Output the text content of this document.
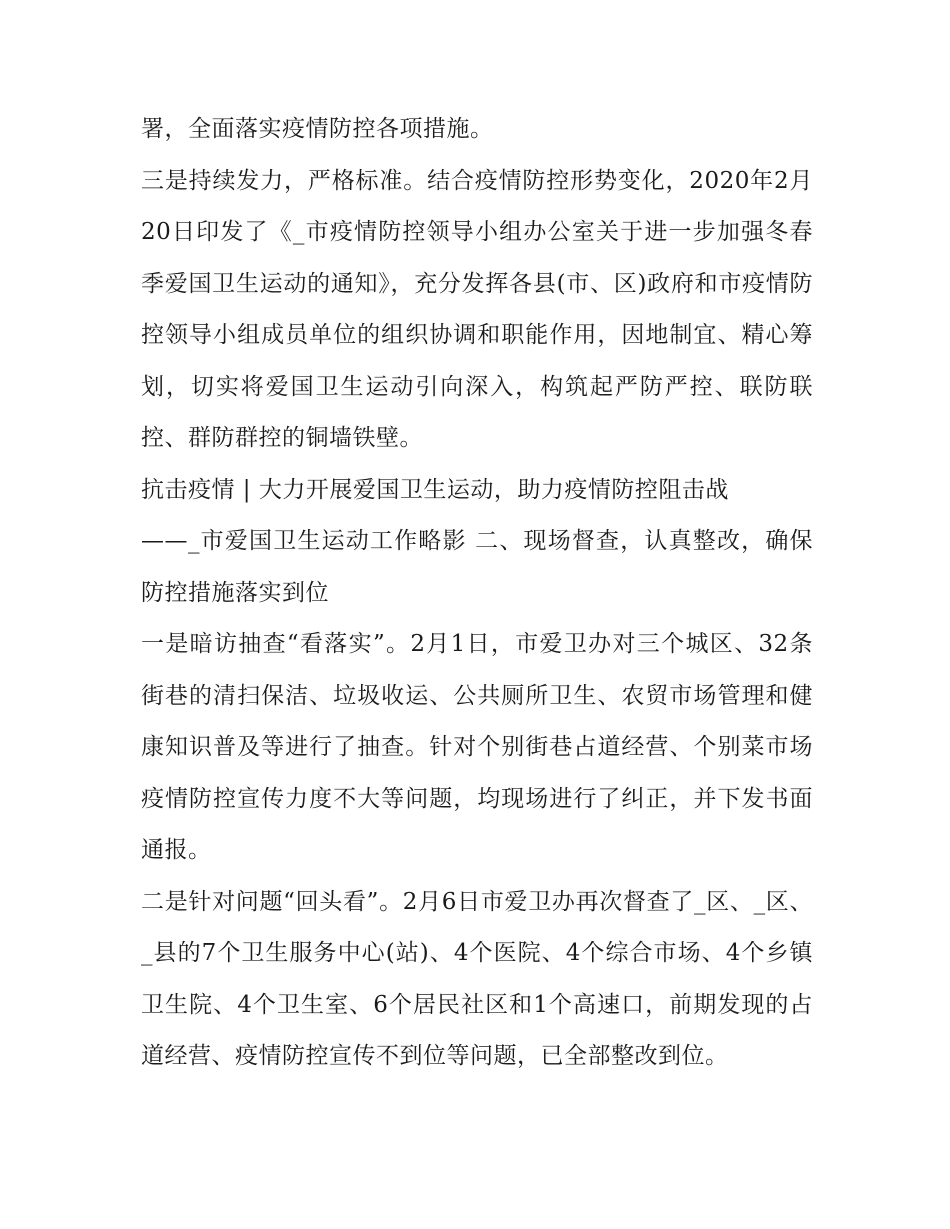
署，全面落实疫情防控各项措施。

三是持续发力，严格标准。结合疫情防控形势变化，2020年2月20日印发了《_市疫情防控领导小组办公室关于进一步加强冬春季爱国卫生运动的通知》，充分发挥各县(市、区)政府和市疫情防控领导小组成员单位的组织协调和职能作用，因地制宜、精心筹划，切实将爱国卫生运动引向深入，构筑起严防严控、联防联控、群防群控的铜墙铁壁。

抗击疫情 | 大力开展爱国卫生运动，助力疫情防控阻击战

——_市爱国卫生运动工作略影 二、现场督查，认真整改，确保防控措施落实到位

一是暗访抽查“看落实”。2月1日，市爱卫办对三个城区、32条街巷的清扫保洁、垃圾收运、公共厕所卫生、农贸市场管理和健康知识普及等进行了抽查。针对个别街巷占道经营、个别菜市场疫情防控宣传力度不大等问题，均现场进行了纠正，并下发书面通报。

二是针对问题“回头看”。2月6日市爱卫办再次督查了_区、_区、_县的7个卫生服务中心(站)、4个医院、4个综合市场、4个乡镇卫生院、4个卫生室、6个居民社区和1个高速口，前期发现的占道经营、疫情防控宣传不到位等问题，已全部整改到位。
